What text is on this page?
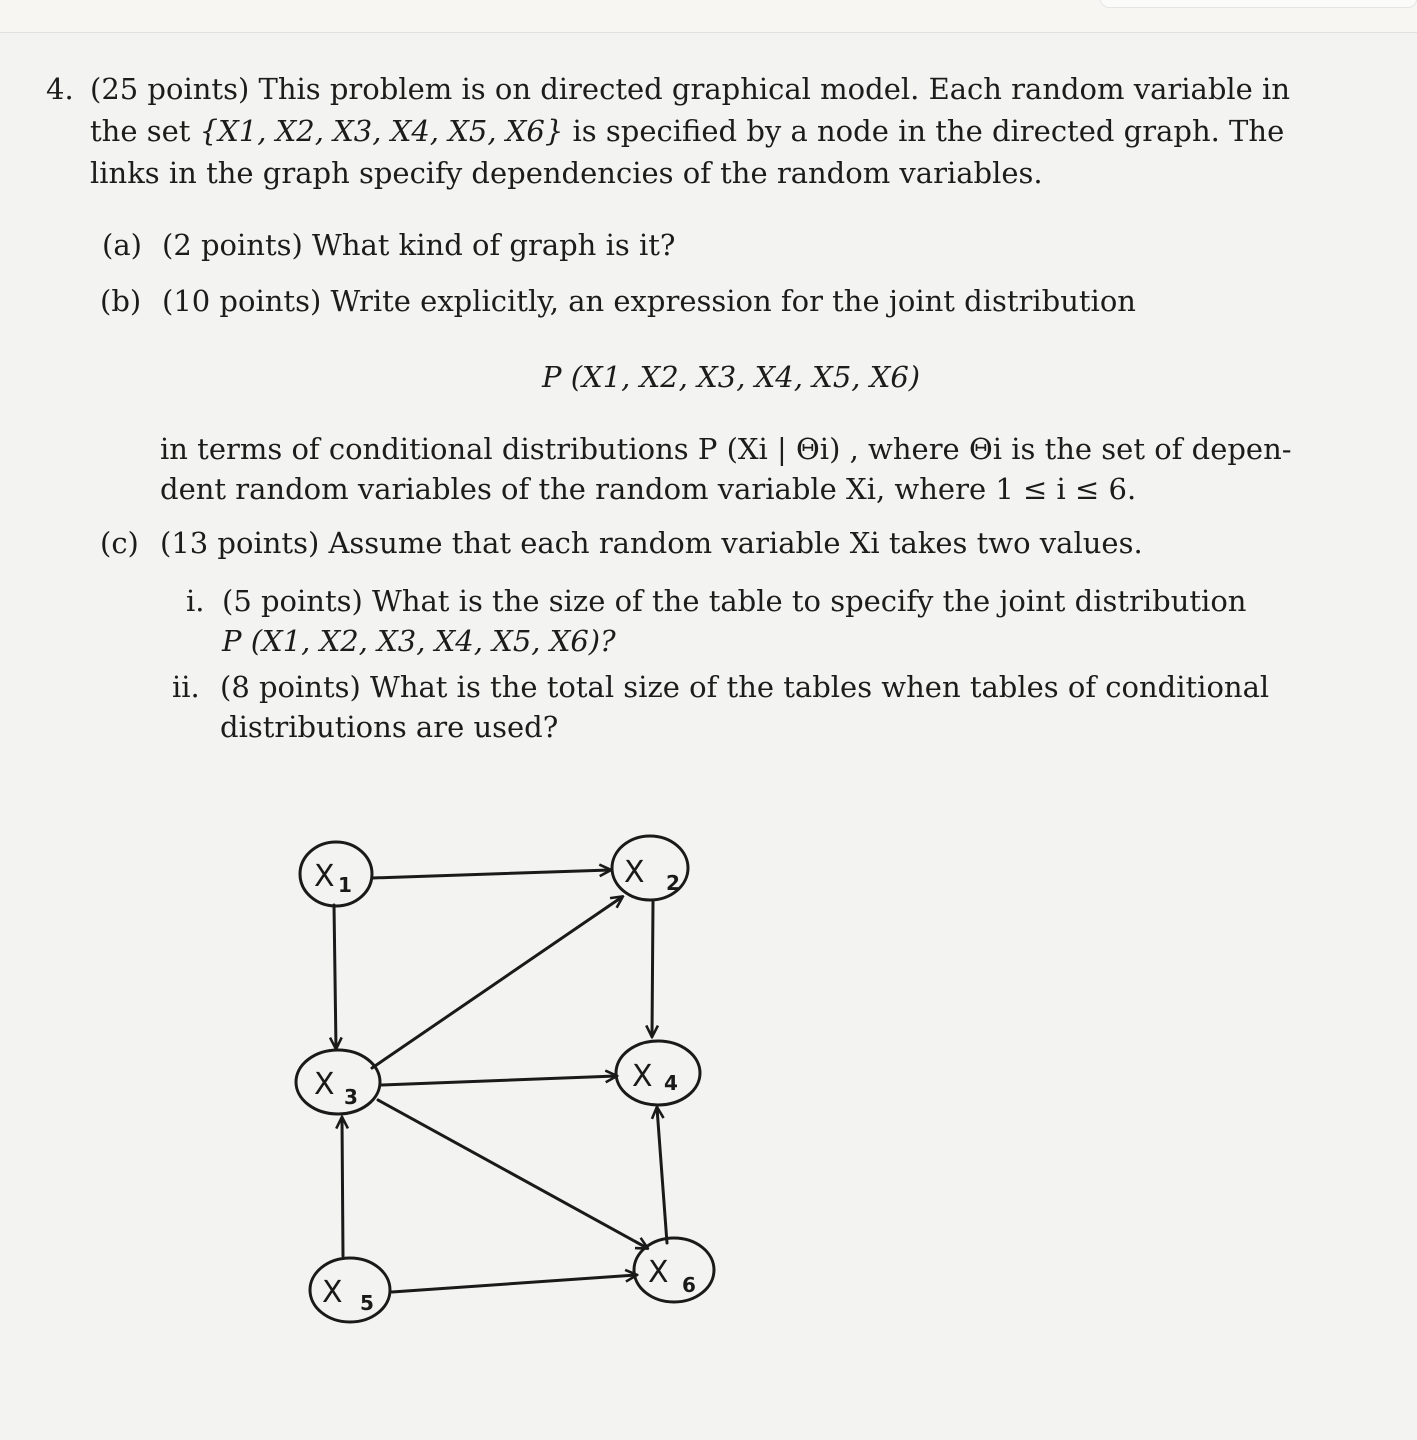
4. (25 points) This problem is on directed graphical model. Each random variable in
the set {X1, X2, X3, X4, X5, X6} is specified by a node in the directed graph. The
links in the graph specify dependencies of the random variables.
(a) (2 points) What kind of graph is it?
(b) (10 points) Write explicitly, an expression for the joint distribution
P (X1, X2, X3, X4, X5, X6)
in terms of conditional distributions P (Xi | Θi) , where Θi is the set of depen-
dent random variables of the random variable Xi, where 1 ≤ i ≤ 6.
(c) (13 points) Assume that each random variable Xi takes two values.
i. (5 points) What is the size of the table to specify the joint distribution
P (X1, X2, X3, X4, X5, X6)?
ii. (8 points) What is the total size of the tables when tables of conditional
distributions are used?
X 1	X 2
X 3
X 4
X 5
X 6
